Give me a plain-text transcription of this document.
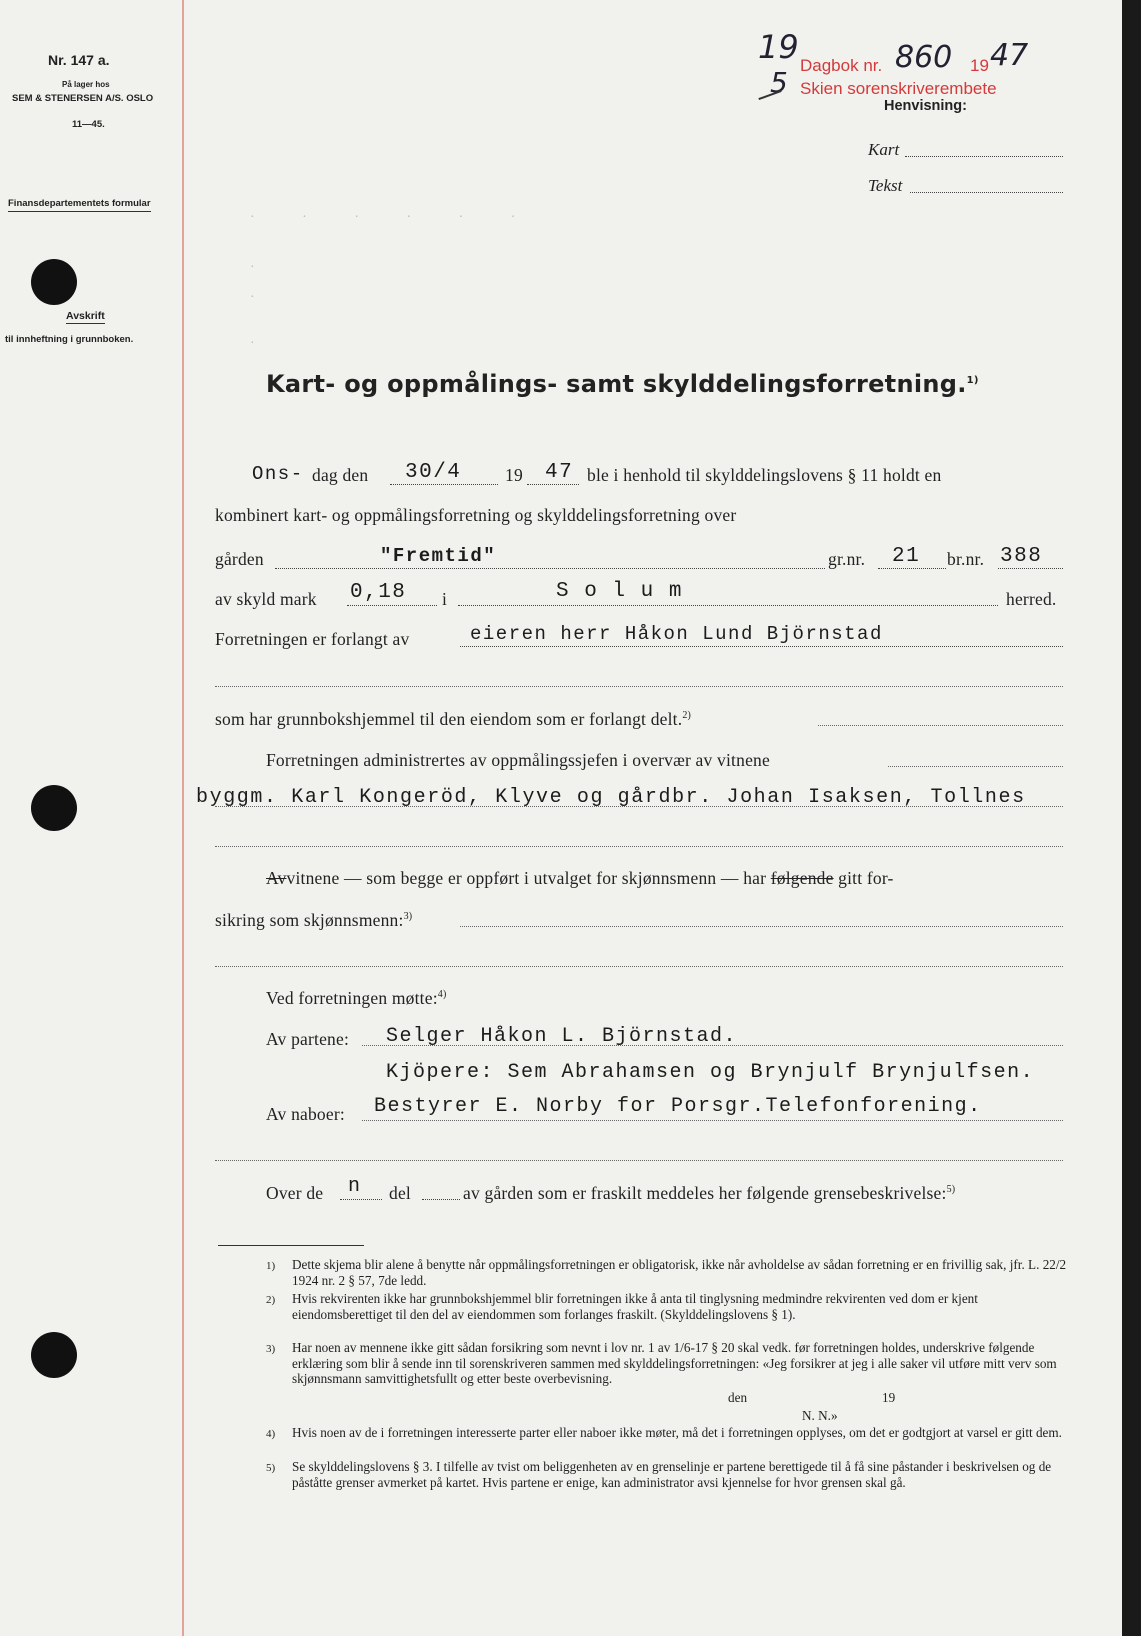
Nr. 147 a.
På lager hos
SEM & STENERSEN A/S. OSLO
11—45.
Finansdepartementets formular
Avskrift
til innheftning i grunnboken.
19
5
Dagbok nr. 860 19 47
Skien sorenskriverembete
Henvisning:
Kart
Tekst
· · · · · ·
·
·
·
Kart- og oppmålings- samt skylddelingsforretning.$^{1)}$
Ons- dag den 30/4 19 47 ble i henhold til skylddelingslovens § 11 holdt en
kombinert kart- og oppmålingsforretning og skylddelingsforretning over
gården	"Fremtid"	gr.nr. 21 br.nr. 388
av skyld mark 0,18 i	S o l u m	herred.
Forretningen er forlangt av	eieren herr Håkon Lund Björnstad
som har grunnbokshjemmel til den eiendom som er forlangt delt.$^{2)}$
Forretningen administrertes av oppmålingssjefen i overvær av vitnene
byggm. Karl Kongeröd, Klyve og gårdbr. Johan Isaksen, Tollnes
Avvitnene — som begge er oppført i utvalget for skjønnsmenn — har følgende gitt for-
sikring som skjønnsmenn:$^{3)}$
Ved forretningen møtte:$^{4)}$
Av partene: Selger Håkon L. Björnstad.
Kjöpere: Sem Abrahamsen og Brynjulf Brynjulfsen.
Av naboer: Bestyrer E. Norby for Porsgr.Telefonforening.
Over de n del	av gården som er fraskilt meddeles her følgende grensebeskrivelse:$^{5)}$
1) Dette skjema blir alene å benytte når oppmålingsforretningen er obligatorisk, ikke når avholdelse av sådan forretning er en frivillig sak, jfr. L. 22/2 1924 nr. 2 § 57, 7de ledd.
2) Hvis rekvirenten ikke har grunnbokshjemmel blir forretningen ikke å anta til tinglysning medmindre rekvirenten ved dom er kjent eiendomsberettiget til den del av eiendommen som forlanges fraskilt. (Skylddelingslovens § 1).
3) Har noen av mennene ikke gitt sådan forsikring som nevnt i lov nr. 1 av 1/6-17 § 20 skal vedk. før forretningen holdes, underskrive følgende erklæring som blir å sende inn til sorenskriveren sammen med skylddelingsforretningen: «Jeg forsikrer at jeg i alle saker vil utføre mitt verv som skjønnsmann samvittighetsfullt og etter beste overbevisning.
den	19
N. N.»
4) Hvis noen av de i forretningen interesserte parter eller naboer ikke møter, må det i forretningen opplyses, om det er godtgjort at varsel er gitt dem.
5) Se skylddelingslovens § 3. I tilfelle av tvist om beliggenheten av en grenselinje er partene berettigede til å få sine påstander i beskrivelsen og de påståtte grenser avmerket på kartet. Hvis partene er enige, kan administrator avsi kjennelse for hvor grensen skal gå.
